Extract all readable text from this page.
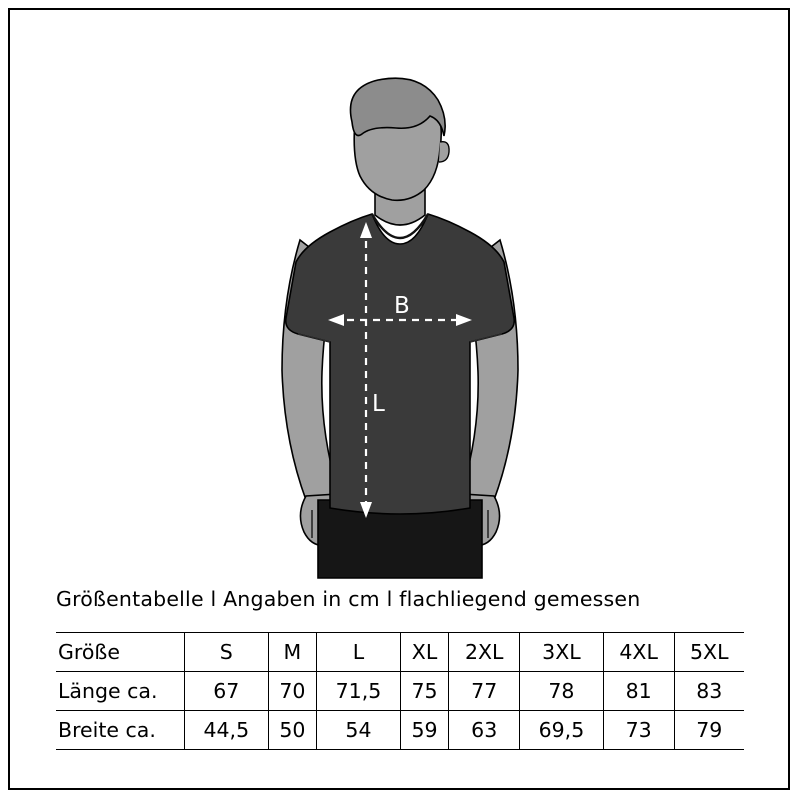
B
L
Größentabelle l Angaben in cm l flachliegend gemessen
Größe	S	M	L	XL	2XL	3XL	4XL	5XL
Länge ca.	67	70	71,5	75	77	78	81	83
Breite ca.	44,5	50	54	59	63	69,5	73	79
